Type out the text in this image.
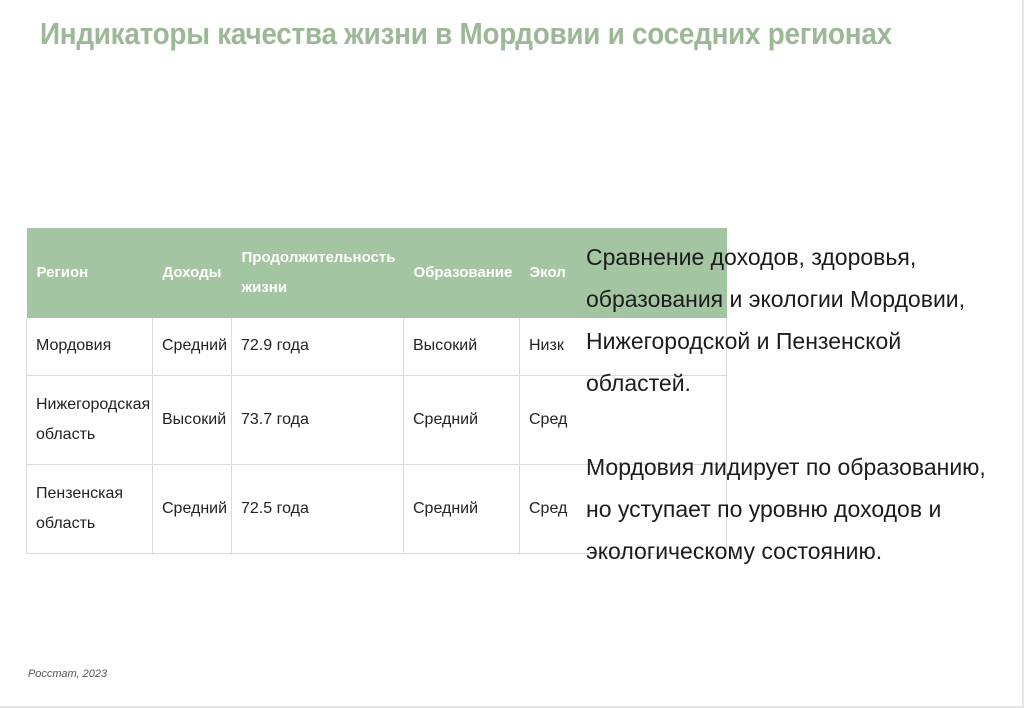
Индикаторы качества жизни в Мордовии и соседних регионах
Регион	Доходы	Продолжительность жизни	Образование	Экол
Мордовия	Средний	72.9 года	Высокий	Низк
Нижегородская область	Высокий	73.7 года	Средний	Сред
Пензенская область	Средний	72.5 года	Средний	Сред

Сравнение доходов, здоровья, образования и экологии Мордовии, Нижегородской и Пензенской областей.

Мордовия лидирует по образованию, но уступает по уровню доходов и экологическому состоянию.

Росстат, 2023
